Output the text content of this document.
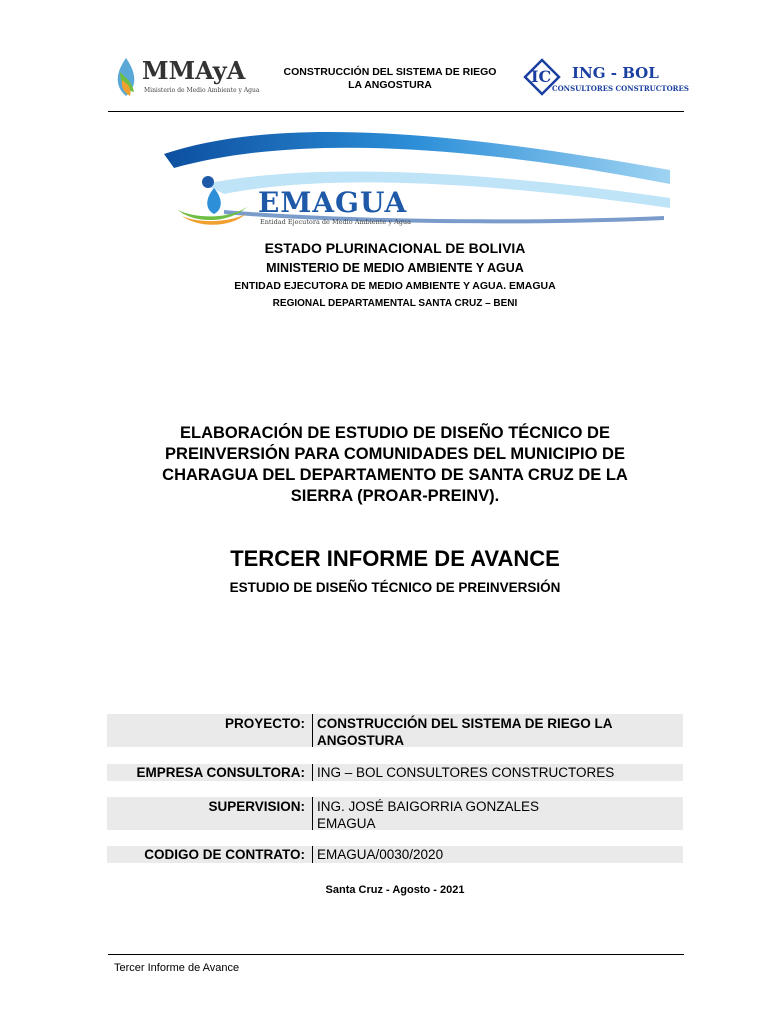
MMAyA
Ministerio de Medio Ambiente y Agua
CONSTRUCCIÓN DEL SISTEMA DE RIEGO
LA ANGOSTURA	IC ING - BOL
CONSULTORES CONSTRUCTORES
EMAGUA
Entidad Ejecutora de Medio Ambiente y Agua
ESTADO PLURINACIONAL DE BOLIVIA
MINISTERIO DE MEDIO AMBIENTE Y AGUA
ENTIDAD EJECUTORA DE MEDIO AMBIENTE Y AGUA. EMAGUA
REGIONAL DEPARTAMENTAL SANTA CRUZ – BENI
ELABORACIÓN DE ESTUDIO DE DISEÑO TÉCNICO DE
PREINVERSIÓN PARA COMUNIDADES DEL MUNICIPIO DE
CHARAGUA DEL DEPARTAMENTO DE SANTA CRUZ DE LA
SIERRA (PROAR-PREINV).
TERCER INFORME DE AVANCE
ESTUDIO DE DISEÑO TÉCNICO DE PREINVERSIÓN
PROYECTO: CONSTRUCCIÓN DEL SISTEMA DE RIEGO LA
ANGOSTURA
EMPRESA CONSULTORA: ING – BOL CONSULTORES CONSTRUCTORES
SUPERVISION: ING. JOSÉ BAIGORRIA GONZALES
EMAGUA
CODIGO DE CONTRATO: EMAGUA/0030/2020
Santa Cruz - Agosto - 2021
Tercer Informe de Avance
